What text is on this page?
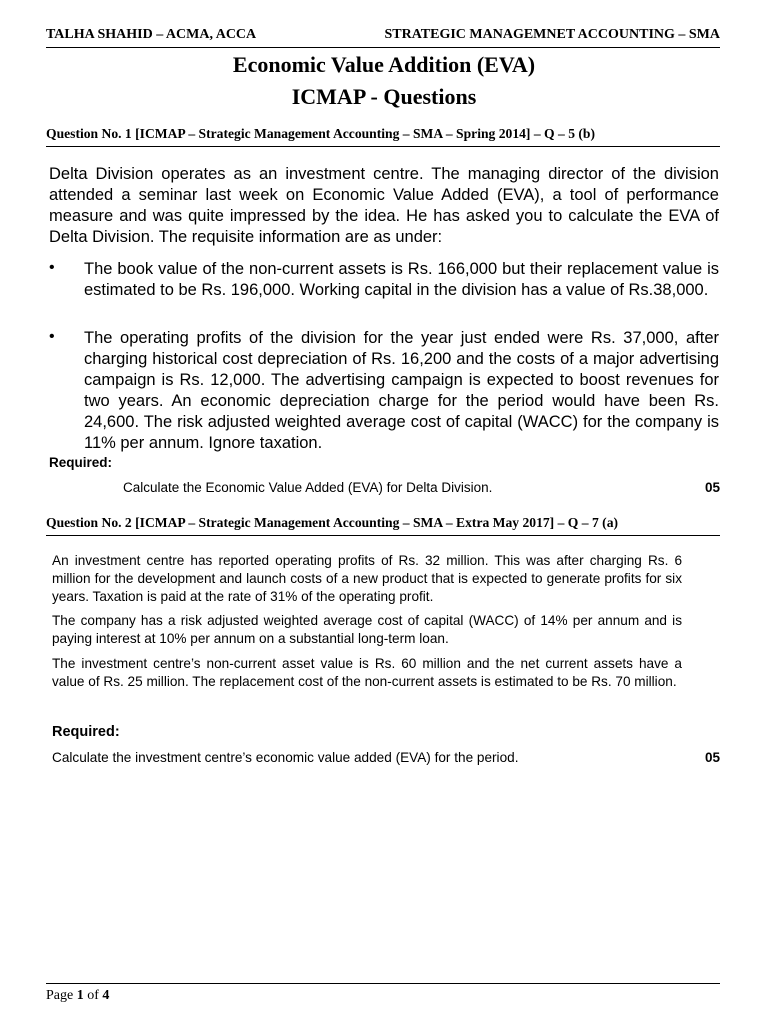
TALHA SHAHID – ACMA, ACCA	STRATEGIC MANAGEMNET ACCOUNTING – SMA
Economic Value Addition (EVA)
ICMAP - Questions
Question No. 1 [ICMAP – Strategic Management Accounting – SMA – Spring 2014] – Q – 5 (b)

Delta Division operates as an investment centre. The managing director of the division attended a seminar last week on Economic Value Added (EVA), a tool of performance measure and was quite impressed by the idea. He has asked you to calculate the EVA of Delta Division. The requisite information are as under:

• The book value of the non-current assets is Rs. 166,000 but their replacement value is estimated to be Rs. 196,000. Working capital in the division has a value of Rs.38,000.

• The operating profits of the division for the year just ended were Rs. 37,000, after charging historical cost depreciation of Rs. 16,200 and the costs of a major advertising campaign is Rs. 12,000. The advertising campaign is expected to boost revenues for two years. An economic depreciation charge for the period would have been Rs. 24,600. The risk adjusted weighted average cost of capital (WACC) for the company is 11% per annum. Ignore taxation.

Required:
Calculate the Economic Value Added (EVA) for Delta Division.	05
Question No. 2 [ICMAP – Strategic Management Accounting – SMA – Extra May 2017] – Q – 7 (a)

An investment centre has reported operating profits of Rs. 32 million. This was after charging Rs. 6 million for the development and launch costs of a new product that is expected to generate profits for six years. Taxation is paid at the rate of 31% of the operating profit.

The company has a risk adjusted weighted average cost of capital (WACC) of 14% per annum and is paying interest at 10% per annum on a substantial long-term loan.

The investment centre’s non-current asset value is Rs. 60 million and the net current assets have a value of Rs. 25 million. The replacement cost of the non-current assets is estimated to be Rs. 70 million.

Required:
Calculate the investment centre’s economic value added (EVA) for the period.	05
Page 1 of 4
